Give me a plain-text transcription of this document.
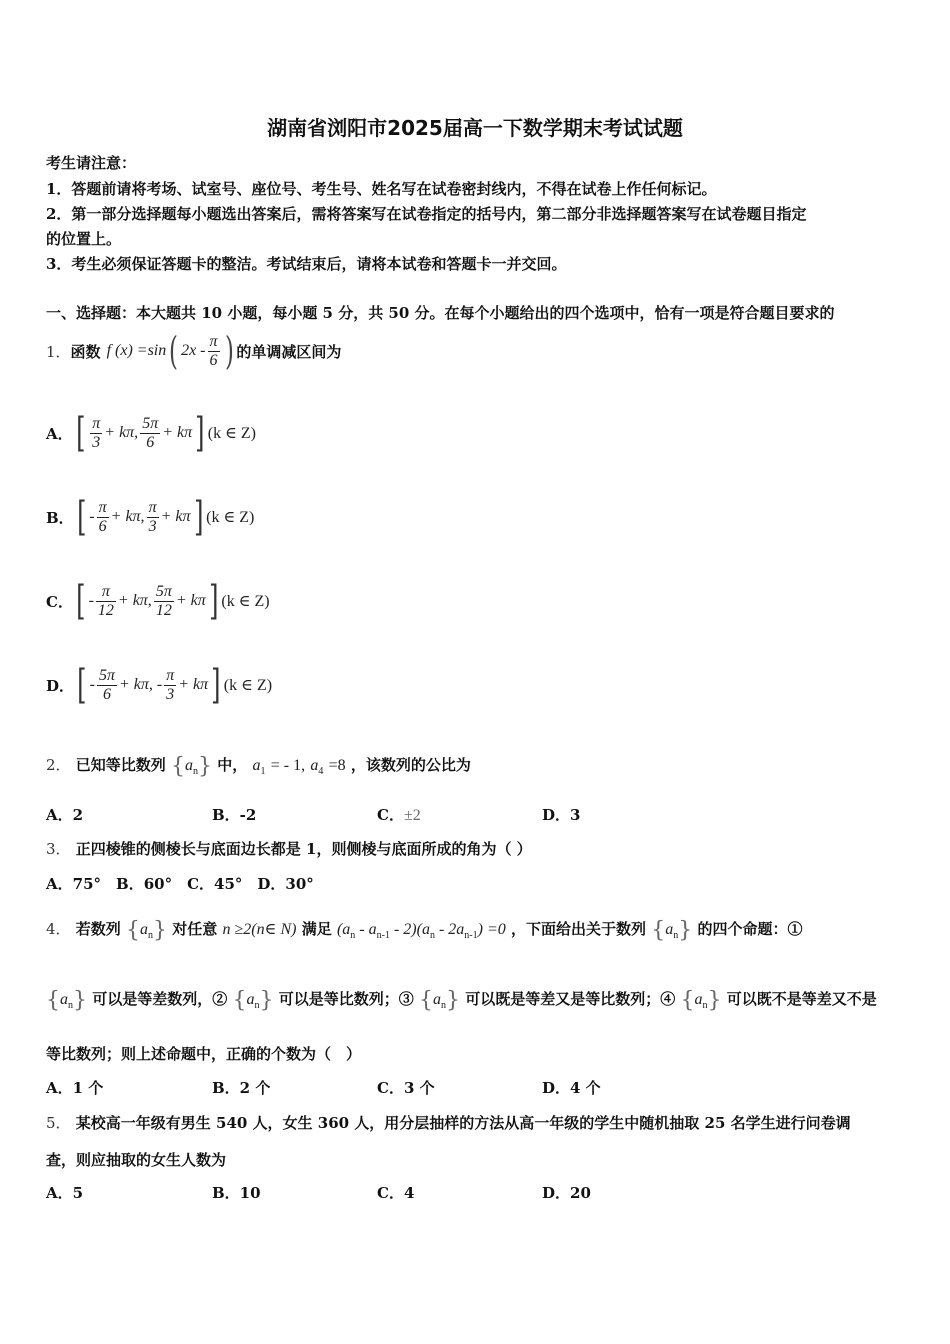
湖南省浏阳市2025届高一下数学期末考试试题
考生请注意：
1．答题前请将考场、试室号、座位号、考生号、姓名写在试卷密封线内，不得在试卷上作任何标记。
2．第一部分选择题每小题选出答案后，需将答案写在试卷指定的括号内，第二部分非选择题答案写在试卷题目指定
的位置上。
3．考生必须保证答题卡的整洁。考试结束后，请将本试卷和答题卡一并交回。
一、选择题：本大题共 10 小题，每小题 5 分，共 50 分。在每个小题给出的四个选项中，恰有一项是符合题目要求的
1． 函数 f (x) =sin ( $2x - \frac{\pi}{6}$ ) 的单调减区间为
A． [ $\frac{\pi}{3} + k\pi$, $\frac{5\pi}{6} + k\pi$ ] (k ∈ Z)
B． [ - $\frac{\pi}{6} + k\pi$, $\frac{\pi}{3} + k\pi$ ] (k ∈ Z)
C． [ - $\frac{\pi}{12} + k\pi$, $\frac{5\pi}{12} + k\pi$ ] (k ∈ Z)
D． [ - $\frac{5\pi}{6} + k\pi$, - $\frac{\pi}{3} + k\pi$ ] (k ∈ Z)
2． 已知等比数列 $\{a_n\}$ 中， $a_1$ = - 1, $a_4 =8$ ，该数列的公比为
A．2	B．-2	C．±2	D．3
3． 正四棱锥的侧棱长与底面边长都是 1，则侧棱与底面所成的角为（ ）
A．75°　B．60°　C．45°　D．30°
4． 若数列 $\{a_n\}$ 对任意 n ≥2(n∈ N) 满足 $(a_n - a_{n-1} - 2)(a_n - 2a_{n-1}) =0$ ，下面给出关于数列 $\{a_n\}$ 的四个命题：①
$\{a_n\}$ 可以是等差数列，② $\{a_n\}$ 可以是等比数列；③ $\{a_n\}$ 可以既是等差又是等比数列；④ $\{a_n\}$ 可以既不是等差又不是
等比数列；则上述命题中，正确的个数为（　）
A．1 个	B．2 个	C．3 个	D．4 个
5． 某校高一年级有男生 540 人，女生 360 人，用分层抽样的方法从高一年级的学生中随机抽取 25 名学生进行问卷调
查，则应抽取的女生人数为
A．5	B．10	C．4	D．20
